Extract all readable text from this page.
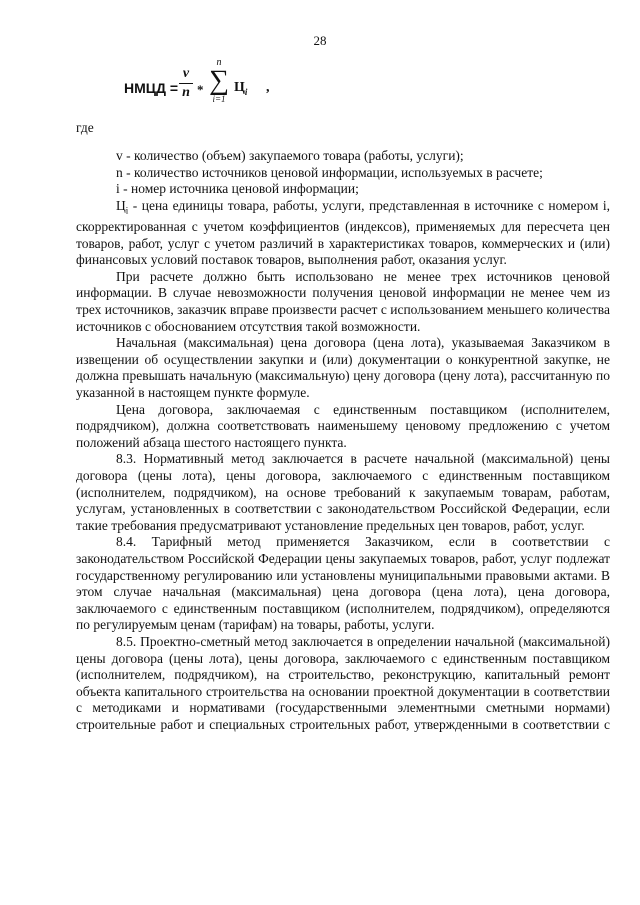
28
НМЦД =
v
n *
n
∑
i=1
$Ц_i$ ,
где

v - количество (объем) закупаемого товара (работы, услуги);

n - количество источников ценовой информации, используемых в расчете;

i - номер источника ценовой информации;

$Ц_i$ - цена единицы товара, работы, услуги, представленная в источнике с номером i, скорректированная с учетом коэффициентов (индексов), применяемых для пересчета цен товаров, работ, услуг с учетом различий в характеристиках товаров, коммерческих и (или) финансовых условий поставок товаров, выполнения работ, оказания услуг.

При расчете должно быть использовано не менее трех источников ценовой информации. В случае невозможности получения ценовой информации не менее чем из трех источников, заказчик вправе произвести расчет с использованием меньшего количества источников с обоснованием отсутствия такой возможности.

Начальная (максимальная) цена договора (цена лота), указываемая Заказчиком в извещении об осуществлении закупки и (или) документации о конкурентной закупке, не должна превышать начальную (максимальную) цену договора (цену лота), рассчитанную по указанной в настоящем пункте формуле.

Цена договора, заключаемая с единственным поставщиком (исполнителем, подрядчиком), должна соответствовать наименьшему ценовому предложению с учетом положений абзаца шестого настоящего пункта.

8.3. Нормативный метод заключается в расчете начальной (максимальной) цены договора (цены лота), цены договора, заключаемого с единственным поставщиком (исполнителем, подрядчиком), на основе требований к закупаемым товарам, работам, услугам, установленных в соответствии с законодательством Российской Федерации, если такие требования предусматривают установление предельных цен товаров, работ, услуг.

8.4. Тарифный метод применяется Заказчиком, если в соответствии с законодательством Российской Федерации цены закупаемых товаров, работ, услуг подлежат государственному регулированию или установлены муниципальными правовыми актами. В этом случае начальная (максимальная) цена договора (цена лота), цена договора, заключаемого с единственным поставщиком (исполнителем, подрядчиком), определяются по регулируемым ценам (тарифам) на товары, работы, услуги.

8.5. Проектно-сметный метод заключается в определении начальной (максимальной) цены договора (цены лота), цены договора, заключаемого с единственным поставщиком (исполнителем, подрядчиком), на строительство, реконструкцию, капитальный ремонт объекта капитального строительства на основании проектной документации в соответствии с методиками и нормативами (государственными элементными сметными нормами) строительные работ и специальных строительных работ, утвержденными в соответствии с
